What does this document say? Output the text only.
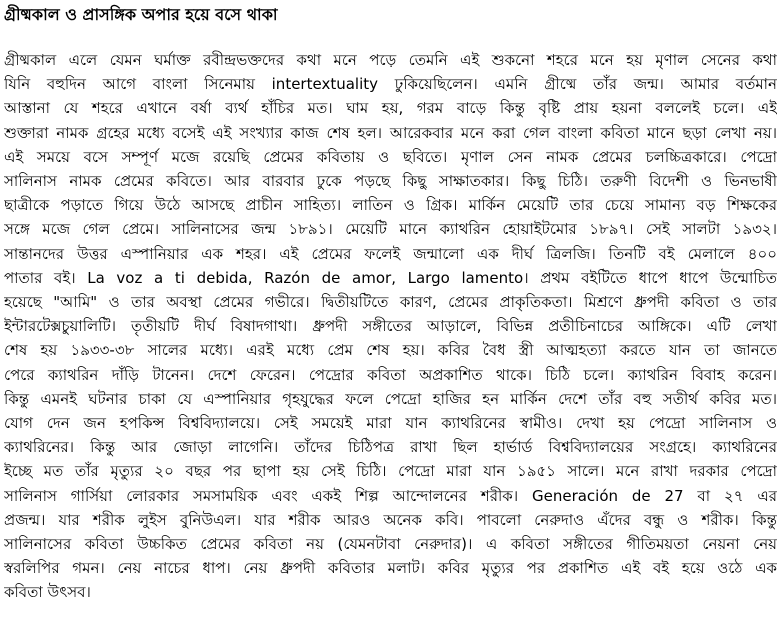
গ্রীষ্মকাল ও প্রাসঙ্গিক অপার হয়ে বসে থাকা
গ্রীষ্মকাল এলে যেমন ঘর্মাক্ত রবীন্দ্রভক্তদের কথা মনে পড়ে তেমনি এই শুকনো শহরে মনে হয় মৃণাল সেনের কথা
যিনি বহুদিন আগে বাংলা সিনেমায় intertextuality ঢুকিয়েছিলেন। এমনি গ্রীষ্মে তাঁর জন্ম। আমার বর্তমান
আস্তানা যে শহরে এখানে বর্ষা ব্যর্থ হাঁচির মত। ঘাম হয়, গরম বাড়ে কিন্তু বৃষ্টি প্রায় হয়না বললেই চলে। এই
শুক্তারা নামক গ্রহের মধ্যে বসেই এই সংখ্যার কাজ শেষ হল। আরেকবার মনে করা গেল বাংলা কবিতা মানে ছড়া লেখা নয়।
এই সময়ে বসে সম্পূর্ণ মজে রয়েছি প্রেমের কবিতায় ও ছবিতে। মৃণাল সেন নামক প্রেমের চলচ্চিত্রকারে। পেদ্রো
সালিনাস নামক প্রেমের কবিতে। আর বারবার ঢুকে পড়ছে কিছু সাক্ষাতকার। কিছু চিঠি। তরুণী বিদেশী ও ভিনভাষী
ছাত্রীকে পড়াতে গিয়ে উঠে আসছে প্রাচীন সাহিত্য। লাতিন ও গ্রিক। মার্কিন মেয়েটি তার চেয়ে সামান্য বড় শিক্ষকের
সঙ্গে মজে গেল প্রেমে। সালিনাসের জন্ম ১৮৯১। মেয়েটি মানে ক্যাথরিন হোয়াইটমোর ১৮৯৭। সেই সালটা ১৯৩২।
সান্তানদের উত্তর এস্পানিয়ার এক শহর। এই প্রেমের ফলেই জন্মালো এক দীর্ঘ ত্রিলজি। তিনটি বই মেলালে ৪০০
পাতার বই। La voz a ti debida, Razón de amor, Largo lamento। প্রথম বইটিতে ধাপে ধাপে উন্মোচিত
হয়েছে "আমি" ও তার অবস্থা প্রেমের গভীরে। দ্বিতীয়টিতে কারণ, প্রেমের প্রাকৃতিকতা। মিশ্রণে ধ্রুপদী কবিতা ও তার
ইন্টারটেক্সচুয়ালিটি। তৃতীয়টি দীর্ঘ বিষাদগাথা। ধ্রুপদী সঙ্গীতের আড়ালে, বিভিন্ন প্রতীচিনাচের আঙ্গিকে। এটি লেখা
শেষ হয় ১৯৩৩-৩৮ সালের মধ্যে। এরই মধ্যে প্রেম শেষ হয়। কবির বৈধ স্ত্রী আত্মহত্যা করতে যান তা জানতে
পেরে ক্যাথরিন দাঁড়ি টানেন। দেশে ফেরেন। পেদ্রোর কবিতা অপ্রকাশিত থাকে। চিঠি চলে। ক্যাথরিন বিবাহ করেন।
কিন্তু এমনই ঘটনার চাকা যে এস্পানিয়ার গৃহযুদ্ধের ফলে পেদ্রো হাজির হন মার্কিন দেশে তাঁর বহু সতীর্থ কবির মত।
যোগ দেন জন হপকিন্স বিশ্ববিদ্যালয়ে। সেই সময়েই মারা যান ক্যাথরিনের স্বামীও। দেখা হয় পেদ্রো সালিনাস ও
ক্যাথরিনের। কিন্তু আর জোড়া লাগেনি। তাঁদের চিঠিপত্র রাখা ছিল হার্ভার্ড বিশ্ববিদ্যালয়ের সংগ্রহে। ক্যাথরিনের
ইচ্ছে মত তাঁর মৃত্যুর ২০ বছর পর ছাপা হয় সেই চিঠি। পেদ্রো মারা যান ১৯৫১ সালে। মনে রাখা দরকার পেদ্রো
সালিনাস গার্সিয়া লোরকার সমসাময়িক এবং একই শিল্প আন্দোলনের শরীক। Generación de 27 বা ২৭ এর
প্রজন্ম। যার শরীক লুইস বুনিউএল। যার শরীক আরও অনেক কবি। পাবলো নেরুদাও এঁদের বন্ধু ও শরীক। কিন্তু
সালিনাসের কবিতা উচ্চকিত প্রেমের কবিতা নয় (যেমনটাবা নেরুদার)। এ কবিতা সঙ্গীতের গীতিময়তা নেয়না নেয়
স্বরলিপির গমন। নেয় নাচের ধাপ। নেয় ধ্রুপদী কবিতার মলাট। কবির মৃত্যুর পর প্রকাশিত এই বই হয়ে ওঠে এক
কবিতা উৎসব।
